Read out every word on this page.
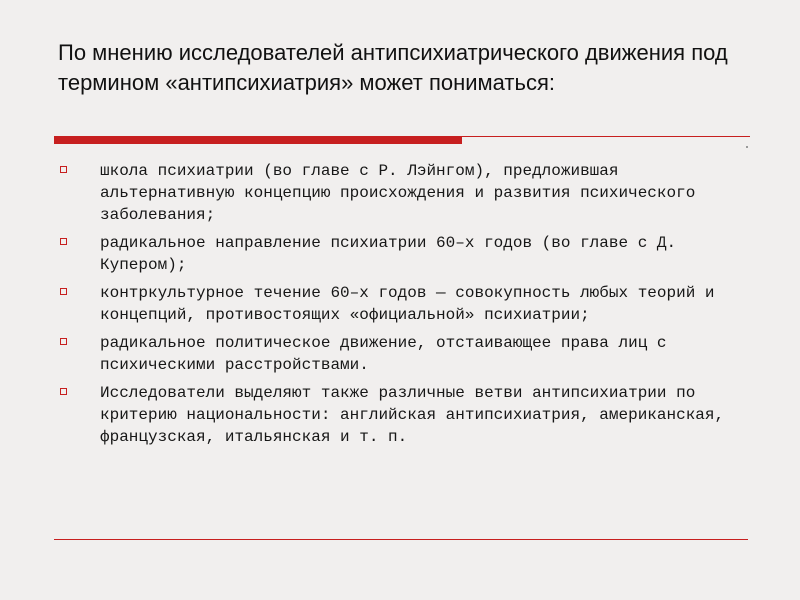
По мнению исследователей антипсихиатрического движения под термином «антипсихиатрия» может пониматься:
школа психиатрии (во главе с Р. Лэйнгом), предложившая альтернативную концепцию происхождения и развития психического заболевания;
радикальное направление психиатрии 60–х годов (во главе с Д. Купером);
контркультурное течение 60–х годов — совокупность любых теорий и концепций, противостоящих «официальной» психиатрии;
радикальное политическое движение, отстаивающее права лиц с психическими расстройствами.
Исследователи выделяют также различные ветви антипсихиатрии по критерию национальности: английская антипсихиатрия, американская, французская, итальянская и т. п.
